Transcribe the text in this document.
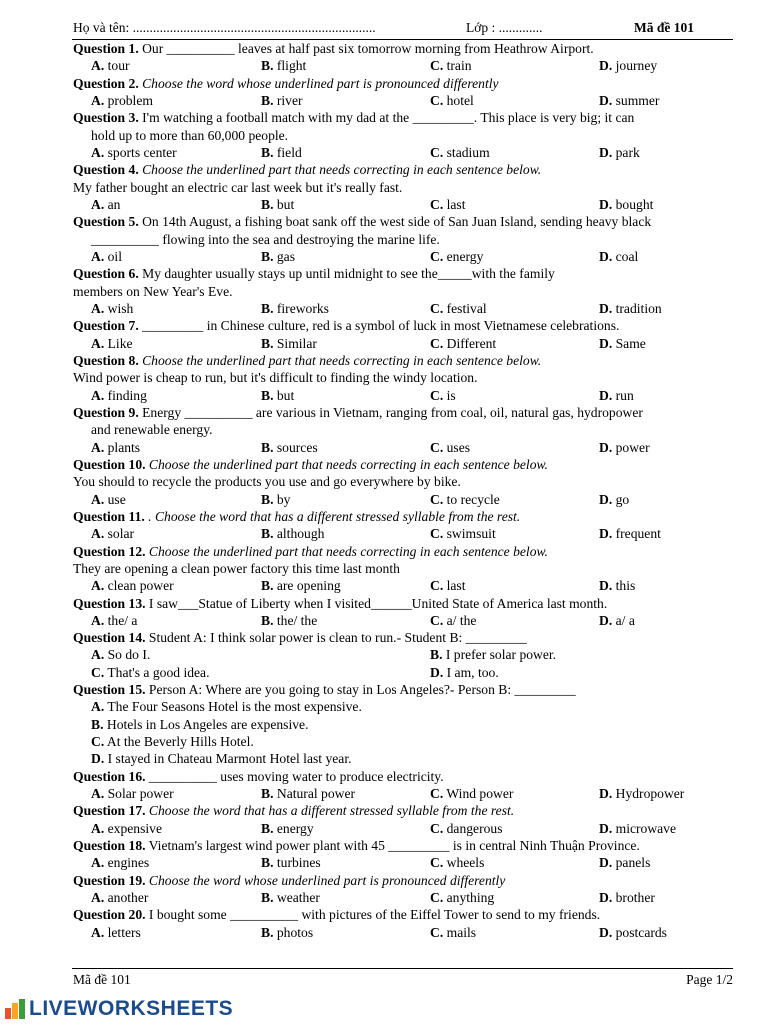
Họ và tên: ........................................................................	Lớp : .............	Mã đề 101
Question 1. Our __________ leaves at half past six tomorrow morning from Heathrow Airport.
A. tour	B. flight	C. train	D. journey
Question 2. Choose the word whose underlined part is pronounced differently
A. problem	B. river	C. hotel	D. summer
Question 3. I'm watching a football match with my dad at the _________. This place is very big; it can
hold up to more than 60,000 people.
A. sports center	B. field	C. stadium	D. park
Question 4. Choose the underlined part that needs correcting in each sentence below.
My father bought an electric car last week but it's really fast.
A. an	B. but	C. last	D. bought
Question 5. On 14th August, a fishing boat sank off the west side of San Juan Island, sending heavy black
__________ flowing into the sea and destroying the marine life.
A. oil	B. gas	C. energy	D. coal
Question 6. My daughter usually stays up until midnight to see the_____with the family
members on New Year's Eve.
A. wish	B. fireworks	C. festival	D. tradition
Question 7. _________ in Chinese culture, red is a symbol of luck in most Vietnamese celebrations.
A. Like	B. Similar	C. Different	D. Same
Question 8. Choose the underlined part that needs correcting in each sentence below.
Wind power is cheap to run, but it's difficult to finding the windy location.
A. finding	B. but	C. is	D. run
Question 9. Energy __________ are various in Vietnam, ranging from coal, oil, natural gas, hydropower
and renewable energy.
A. plants	B. sources	C. uses	D. power
Question 10. Choose the underlined part that needs correcting in each sentence below.
You should to recycle the products you use and go everywhere by bike.
A. use	B. by	C. to recycle	D. go
Question 11. . Choose the word that has a different stressed syllable from the rest.
A. solar	B. although	C. swimsuit	D. frequent
Question 12. Choose the underlined part that needs correcting in each sentence below.
They are opening a clean power factory this time last month
A. clean power	B. are opening	C. last	D. this
Question 13. I saw___Statue of Liberty when I visited______United State of America last month.
A. the/ a	B. the/ the	C. a/ the	D. a/ a
Question 14. Student A: I think solar power is clean to run.- Student B: _________
A. So do I.	B. I prefer solar power.
C. That's a good idea.	D. I am, too.
Question 15. Person A: Where are you going to stay in Los Angeles?- Person B: _________
A. The Four Seasons Hotel is the most expensive.
B. Hotels in Los Angeles are expensive.
C. At the Beverly Hills Hotel.
D. I stayed in Chateau Marmont Hotel last year.
Question 16. __________ uses moving water to produce electricity.
A. Solar power	B. Natural power	C. Wind power	D. Hydropower
Question 17. Choose the word that has a different stressed syllable from the rest.
A. expensive	B. energy	C. dangerous	D. microwave
Question 18. Vietnam's largest wind power plant with 45 _________ is in central Ninh Thuận Province.
A. engines	B. turbines	C. wheels	D. panels
Question 19. Choose the word whose underlined part is pronounced differently
A. another	B. weather	C. anything	D. brother
Question 20. I bought some __________ with pictures of the Eiffel Tower to send to my friends.
A. letters	B. photos	C. mails	D. postcards
Mã đề 101	Page 1/2
LIVEWORKSHEETS
